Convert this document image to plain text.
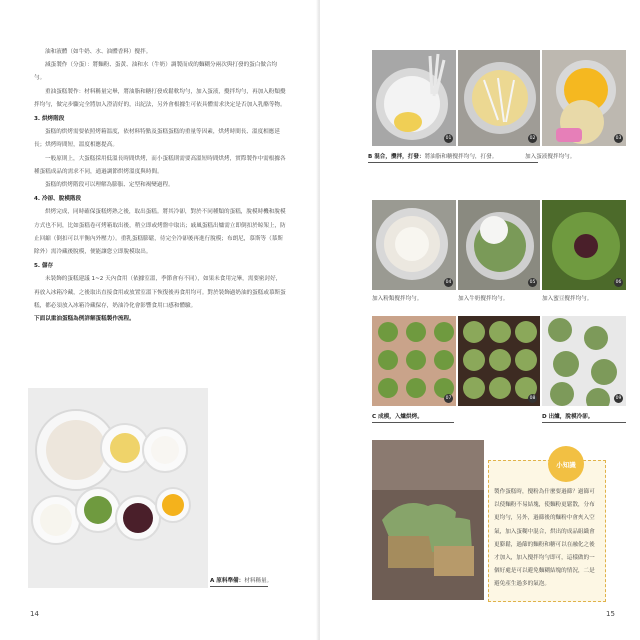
油和液體（如牛奶、水、油體香料）攪拌。

減蛋製作（分蛋）：將麵粉、蛋黃、油和水（牛奶）調製而成的麵糊分兩次與打發的蛋白做合均勻。

重油蛋糕製作：材料稱量完畢，將油脂和糖打發成鬆軟均勻，加入蛋液，攪拌均勻，再加入粉類攪拌均勻，做完步驟完全將加入澄清好的，出紀法，另外會根據生可依具體需求決定是否加入乳酪等物。

3. 烘烤階段

蛋糕的烘烤需要依照烤箱溫度，依材料特點及蛋糕蛋糕的重量等因素，烘烤時間長、溫度相應延長；烘烤時間短，溫度相應提高。

一般原則上，大蛋糕採用低溫長時間烘烤，而小蛋糕則需要高溫短時間烘烤，實際製作中需根據各種蛋糕成品的需求不同，通過調節烘烤溫度與時間。

蛋糕的烘烤階段可以理解為膨脹、定型和褐變過程。

4. 冷卻、脫模階段

烘烤完成，同時確保蛋糕烤熟之後，取出蛋糕。將其冷卻，對於不同種類的蛋糕，脫模時機和脫模方式也不同，比如蛋糕卷可烤箱取出後，稍立即或烤盤中取出；戚風蛋糕出爐需立即倒扣於晾架上，防止回縮（倒扣可以平衡內外壓力）。重乳蛋糕膨鬆，待完全冷卻後再進行脫模；布朗尼，慕斯等（慕斯除外）需冷藏後脫模，便能讓您立即脫模取出。

5. 儲存

未裝飾的蛋糕建議 1~2 天內食用（依據室溫，季節會有不同），如果未食用完畢，需要密封好，再放入冰箱冷藏，之後取出直接食用或放置室溫下恢復後再食用均可。對於裝飾過奶油的蛋糕或慕斯蛋糕，都必須放入冰箱冷藏保存，奶油冷化會影響食用口感和體驗。

下面以重油蛋糕為例詳解蛋糕製作流程。

A 原料準備：材料稱量。
14
B 混合，攪拌，打發：將油脂和糖攪拌均勻，打發。	加入蛋液攪拌均勻。
加入粉類攪拌均勻。	加入牛奶攪拌均勻。	加入蜜豆攪拌均勻。
C 成模，入爐烘烤。	D 出爐，脫模冷卻。
01	02	03
04	05	06
07	08	09
小知識
製作蛋糕時，攪粉為什麼要過篩？過篩可以使麵粉不易結塊，使麵粉更鬆散，分布更均勻，另外，過篩後的麵粉中會夾入空氣，加入蛋糊中混合，烘出的成品組織會更膨鬆，過篩的麵粉和糖可以在融化之後才加入，加入攪拌均勻即可，這樣做的一個好處是可以避免麵糊結塊的情況，二是避免產生過多的氣泡。
15
